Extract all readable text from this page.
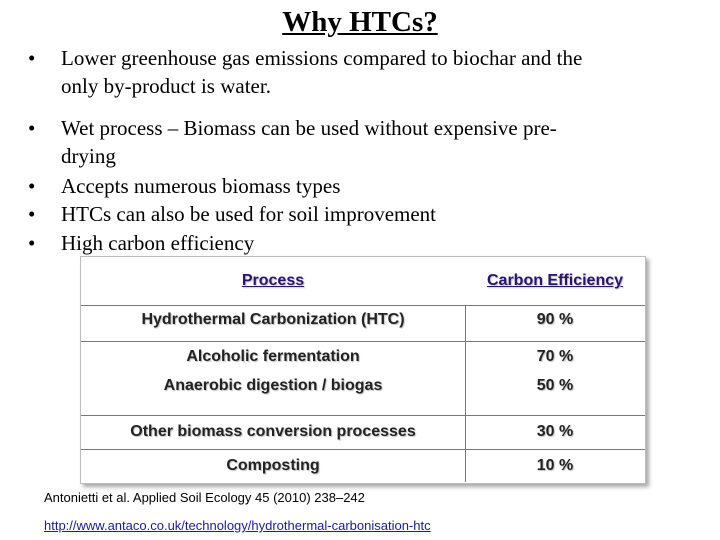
Why HTCs?
•	Lower greenhouse gas emissions compared to biochar and the
only by-product is water.
•	Wet process – Biomass can be used without expensive pre-
drying
•	Accepts numerous biomass types
•	HTCs can also be used for soil improvement
•	High carbon efficiency
Process	Carbon Efficiency
Hydrothermal Carbonization (HTC)	90 %
Alcoholic fermentation	70 %
Anaerobic digestion / biogas	50 %
Other biomass conversion processes	30 %
Composting	10 %
Antonietti et al. Applied Soil Ecology 45 (2010) 238–242
http://www.antaco.co.uk/technology/hydrothermal-carbonisation-htc
